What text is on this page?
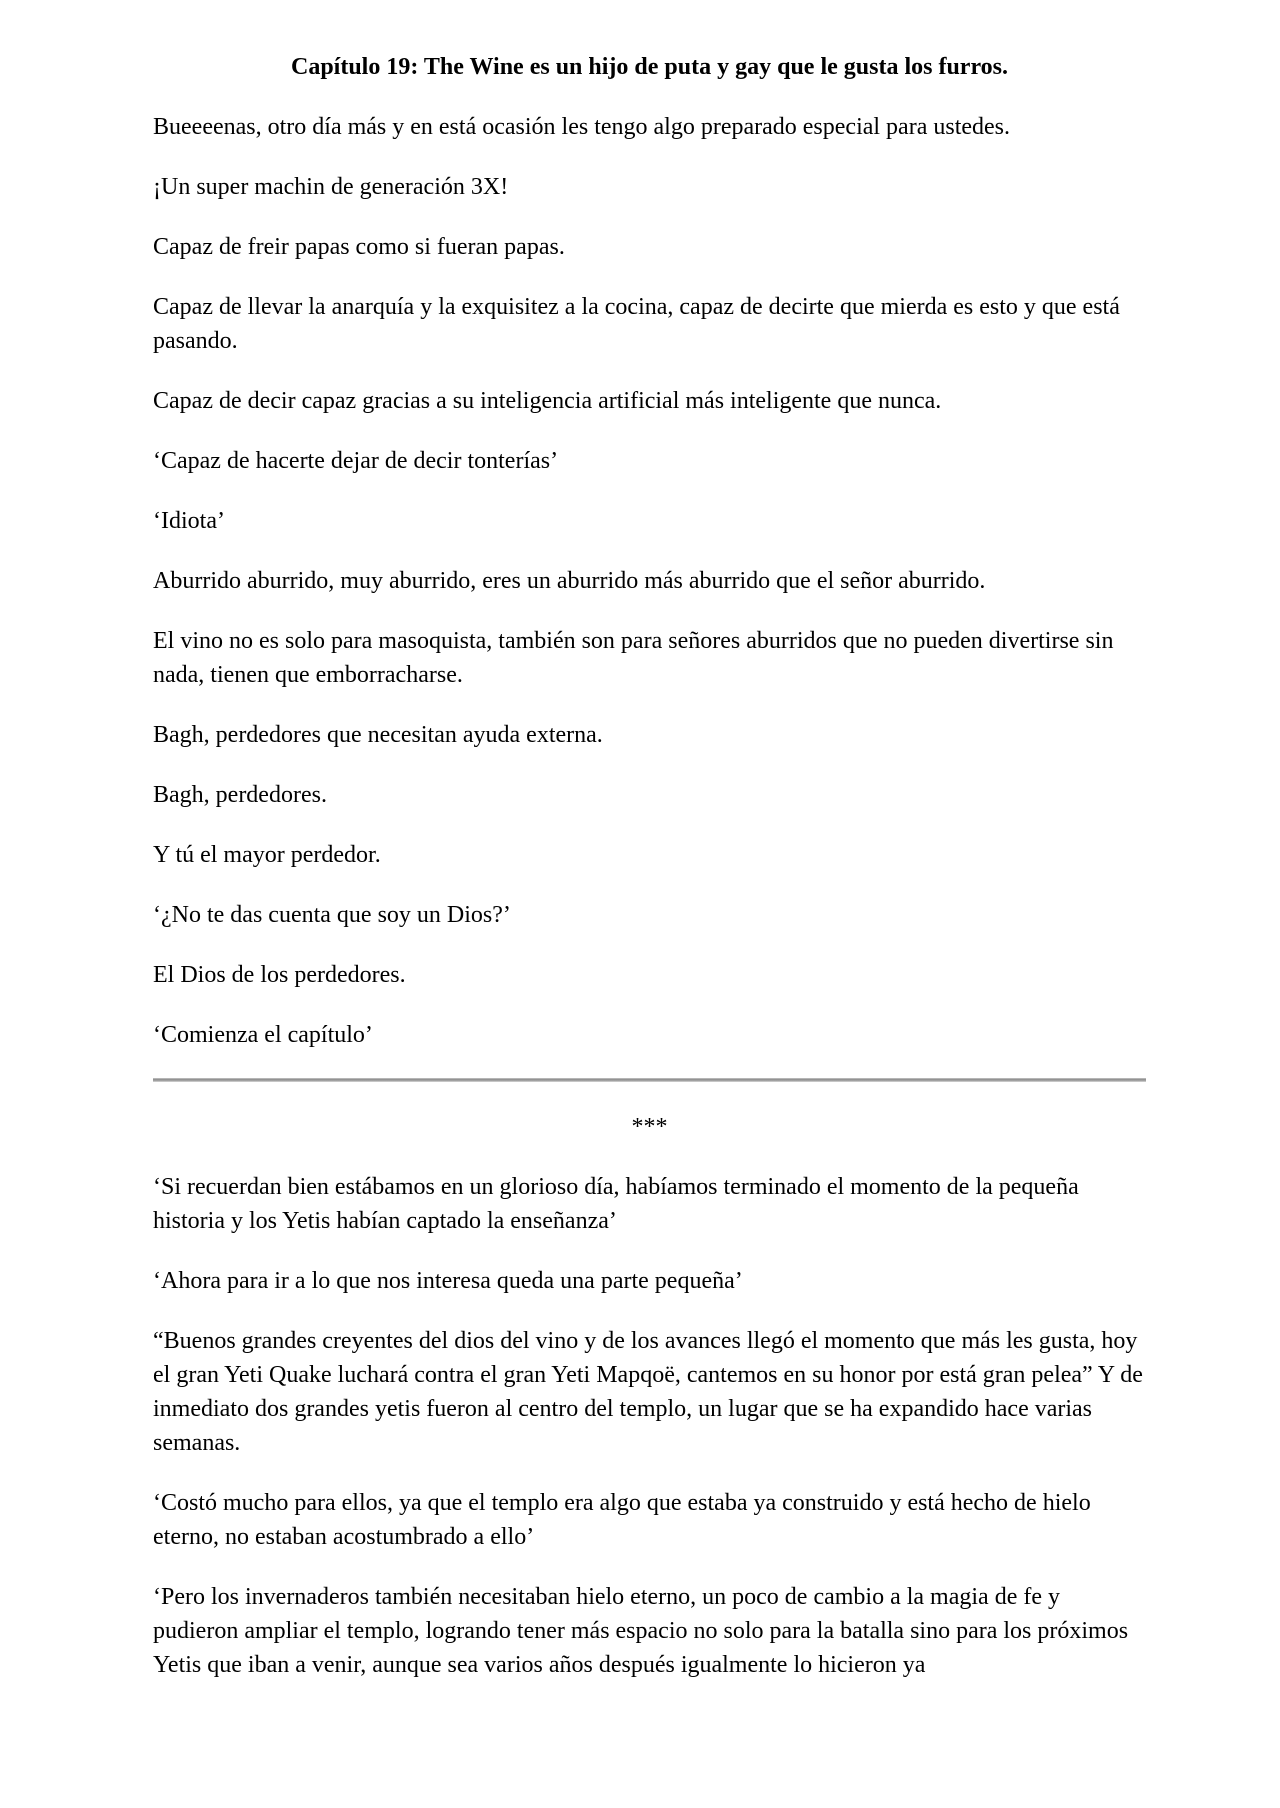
Capítulo 19: The Wine es un hijo de puta y gay que le gusta los furros.

Bueeeenas, otro día más y en está ocasión les tengo algo preparado especial para ustedes.

¡Un super machin de generación 3X!

Capaz de freir papas como si fueran papas.

Capaz de llevar la anarquía y la exquisitez a la cocina, capaz de decirte que mierda es esto y que está pasando.

Capaz de decir capaz gracias a su inteligencia artificial más inteligente que nunca.

‘Capaz de hacerte dejar de decir tonterías’

‘Idiota’

Aburrido aburrido, muy aburrido, eres un aburrido más aburrido que el señor aburrido.

El vino no es solo para masoquista, también son para señores aburridos que no pueden divertirse sin nada, tienen que emborracharse.

Bagh, perdedores que necesitan ayuda externa.

Bagh, perdedores.

Y tú el mayor perdedor.

‘¿No te das cuenta que soy un Dios?’

El Dios de los perdedores.

‘Comienza el capítulo’

***

‘Si recuerdan bien estábamos en un glorioso día, habíamos terminado el momento de la pequeña historia y los Yetis habían captado la enseñanza’

‘Ahora para ir a lo que nos interesa queda una parte pequeña’

“Buenos grandes creyentes del dios del vino y de los avances llegó el momento que más les gusta, hoy el gran Yeti Quake luchará contra el gran Yeti Mapqoë, cantemos en su honor por está gran pelea” Y de inmediato dos grandes yetis fueron al centro del templo, un lugar que se ha expandido hace varias semanas.

‘Costó mucho para ellos, ya que el templo era algo que estaba ya construido y está hecho de hielo eterno, no estaban acostumbrado a ello’

‘Pero los invernaderos también necesitaban hielo eterno, un poco de cambio a la magia de fe y pudieron ampliar el templo, logrando tener más espacio no solo para la batalla sino para los próximos Yetis que iban a venir, aunque sea varios años después igualmente lo hicieron ya
